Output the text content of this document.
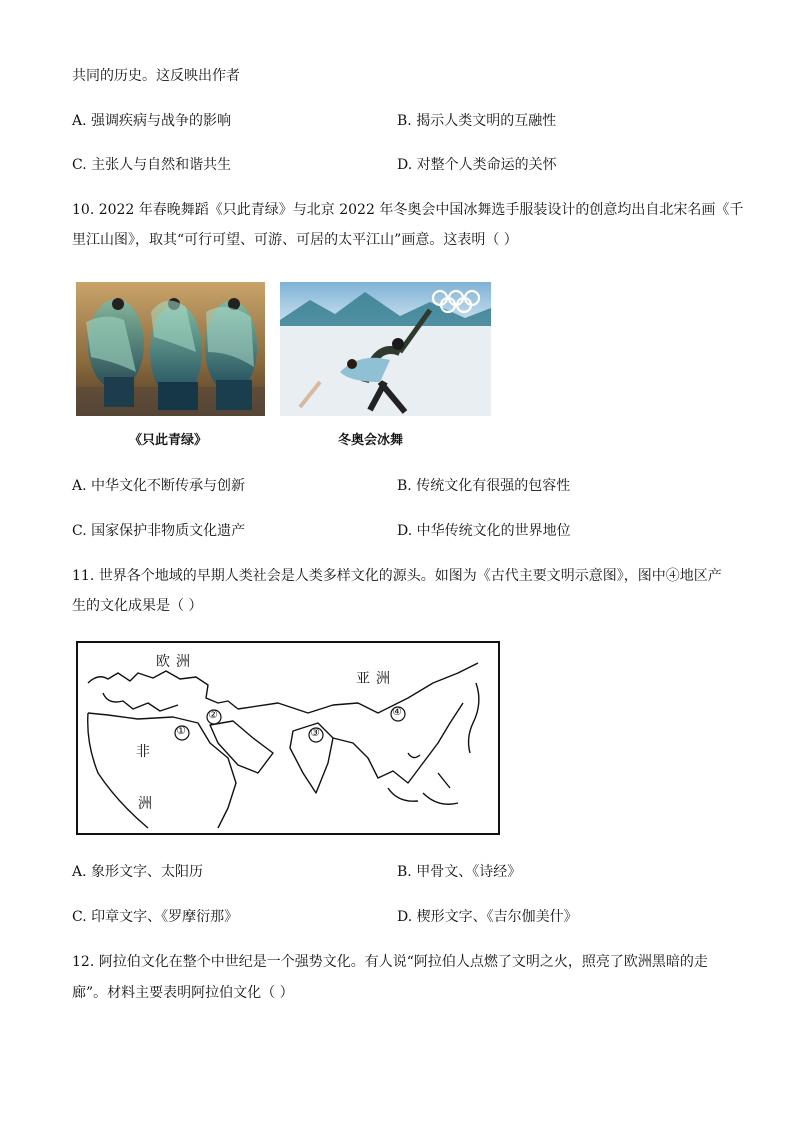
共同的历史。这反映出作者
A. 强调疾病与战争的影响	B. 揭示人类文明的互融性
C. 主张人与自然和谐共生	D. 对整个人类命运的关怀
10. 2022 年春晚舞蹈《只此青绿》与北京 2022 年冬奥会中国冰舞选手服装设计的创意均出自北宋名画《千
里江山图》，取其“可行可望、可游、可居的太平江山”画意。这表明（ ）
《只此青绿》	冬奥会冰舞
A. 中华文化不断传承与创新	B. 传统文化有很强的包容性
C. 国家保护非物质文化遗产	D. 中华传统文化的世界地位
11. 世界各个地域的早期人类社会是人类多样文化的源头。如图为《古代主要文明示意图》，图中④地区产
生的文化成果是（ ）
欧洲
亚洲
非
洲
①
②
③
④
A. 象形文字、太阳历	B. 甲骨文、《诗经》
C. 印章文字、《罗摩衍那》	D. 楔形文字、《吉尔伽美什》
12. 阿拉伯文化在整个中世纪是一个强势文化。有人说“阿拉伯人点燃了文明之火，照亮了欧洲黑暗的走
廊”。材料主要表明阿拉伯文化（ ）
